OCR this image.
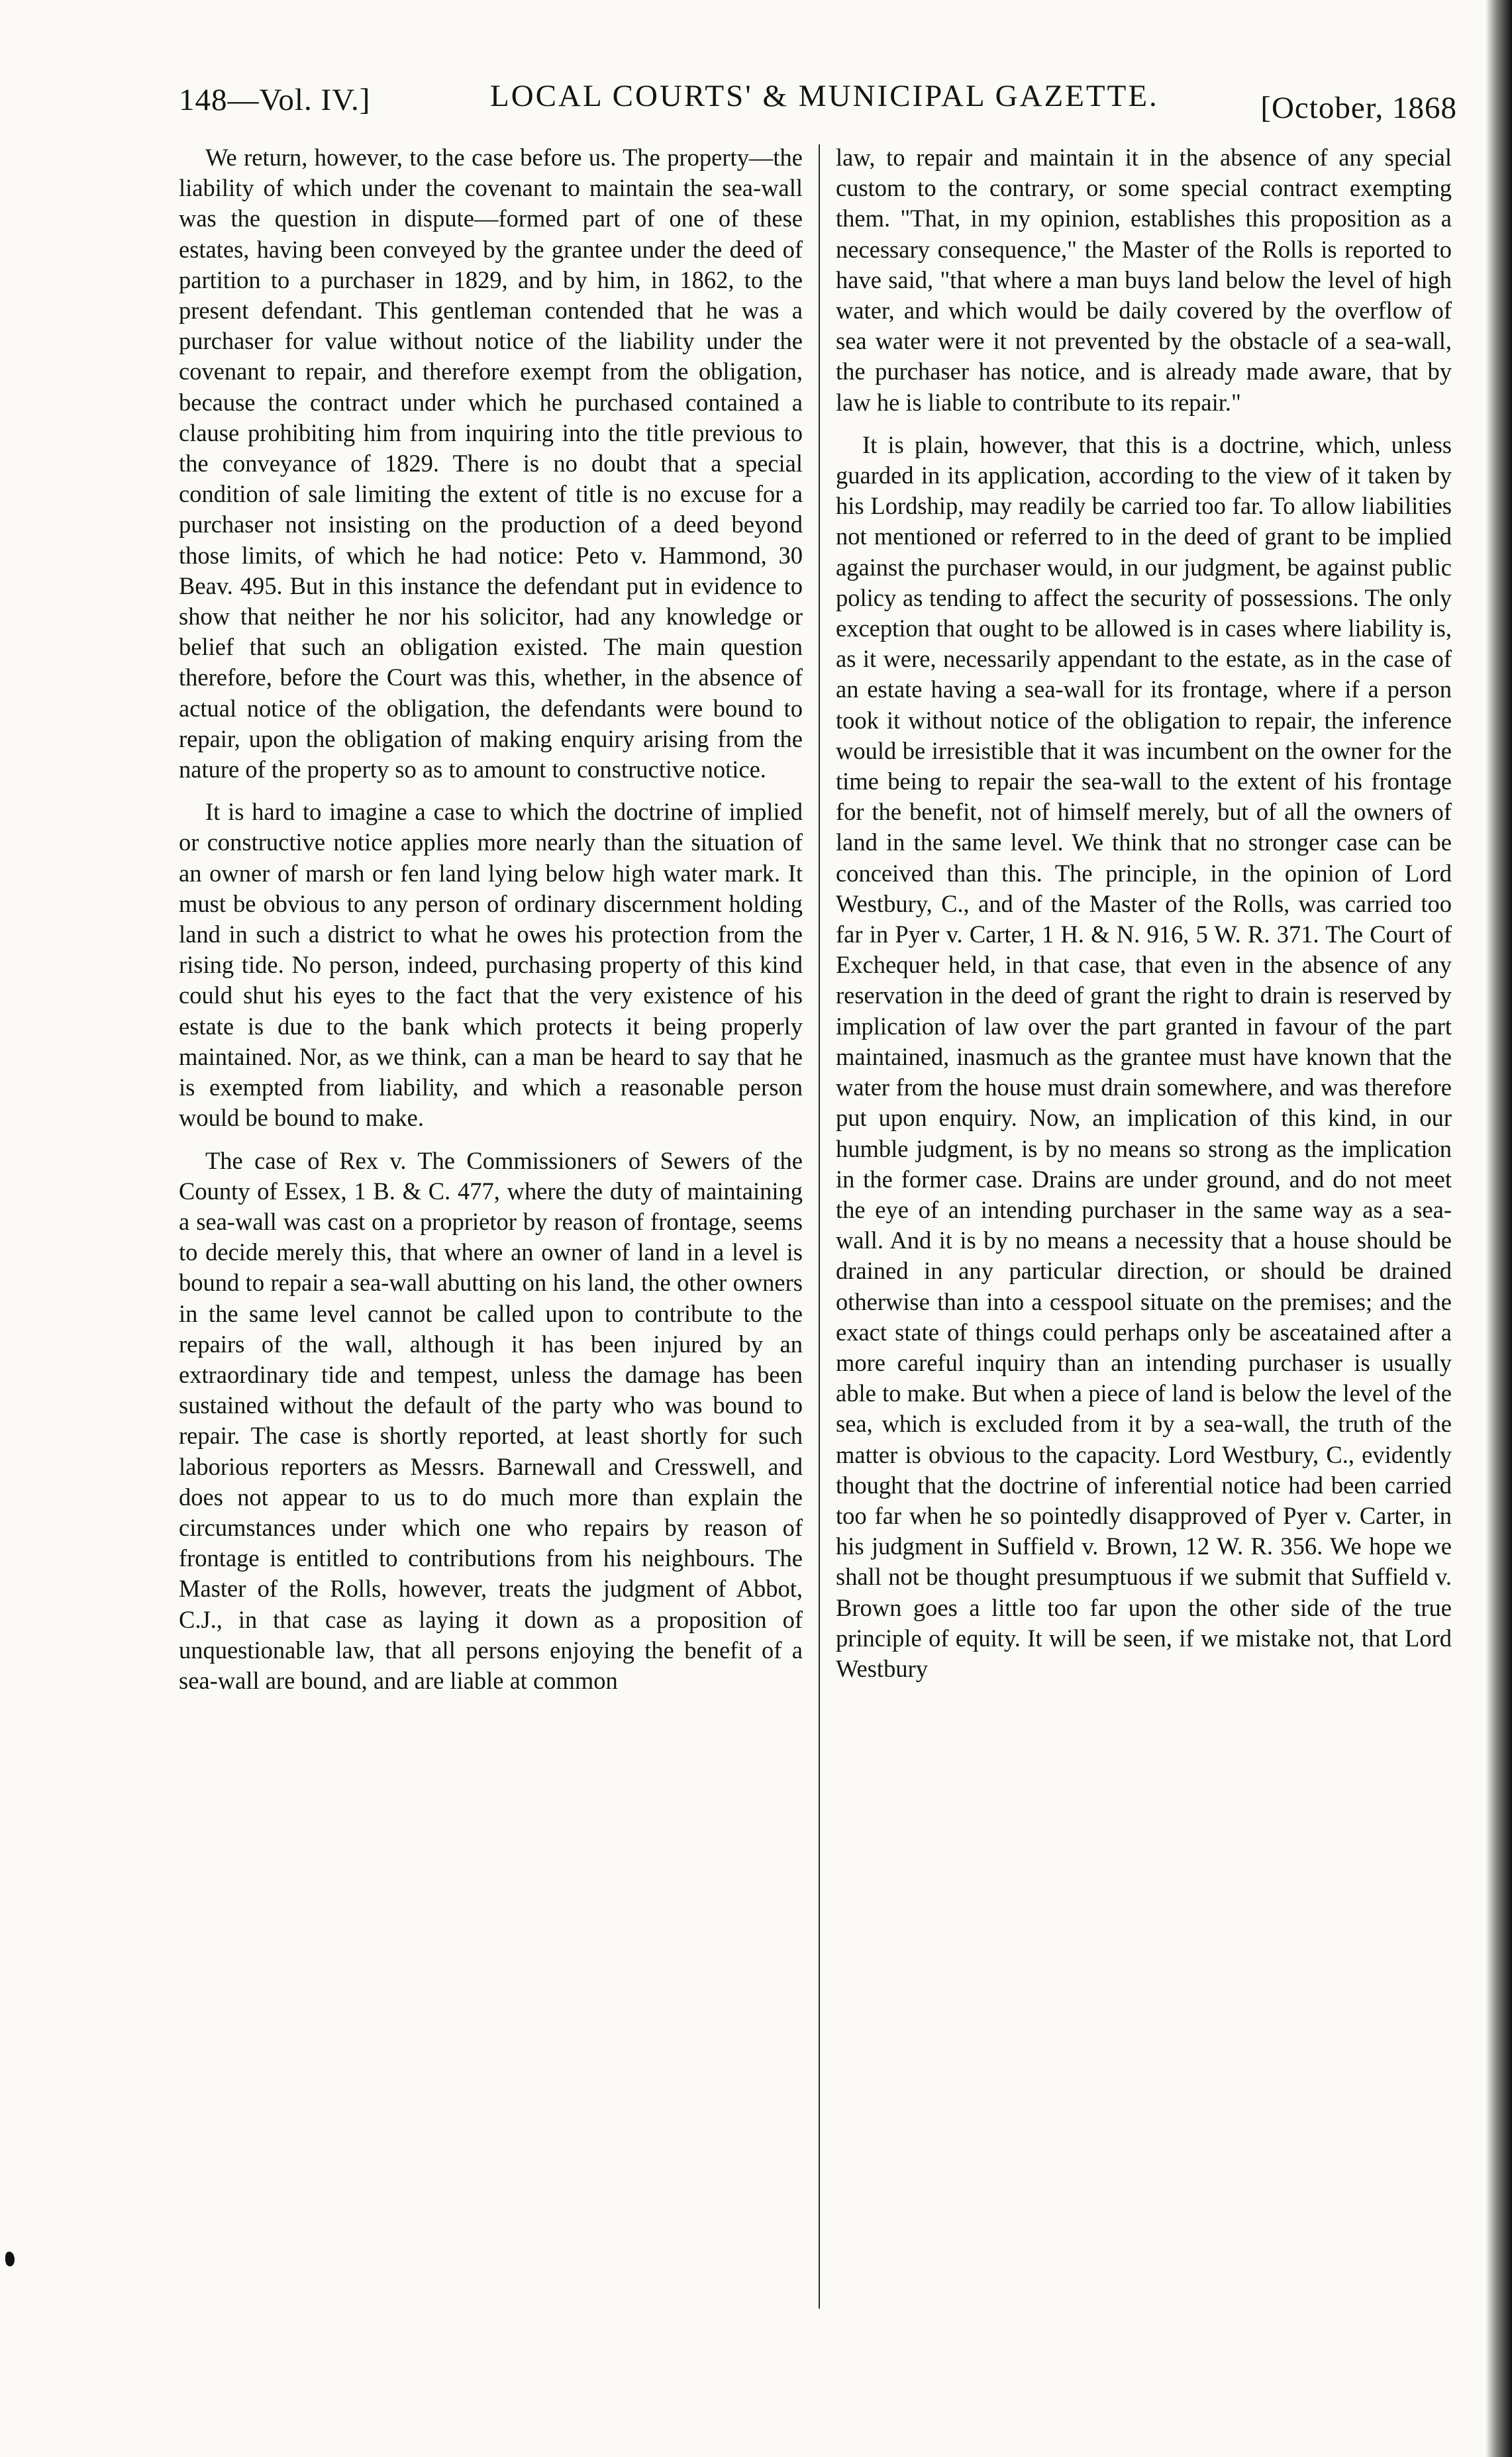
148—Vol. IV.]	LOCAL COURTS' & MUNICIPAL GAZETTE.	[October, 1868

We return, however, to the case before us. The property—the liability of which under the covenant to maintain the sea-wall was the question in dispute—formed part of one of these estates, having been conveyed by the grantee under the deed of partition to a purchaser in 1829, and by him, in 1862, to the present defendant. This gentleman contended that he was a purchaser for value without notice of the liability under the covenant to repair, and therefore exempt from the obligation, because the contract under which he purchased contained a clause prohibiting him from inquiring into the title previous to the conveyance of 1829. There is no doubt that a special condition of sale limiting the extent of title is no excuse for a purchaser not insisting on the production of a deed beyond those limits, of which he had notice: Peto v. Hammond, 30 Beav. 495. But in this instance the defendant put in evidence to show that neither he nor his solicitor, had any knowledge or belief that such an obligation existed. The main question therefore, before the Court was this, whether, in the absence of actual notice of the obligation, the defendants were bound to repair, upon the obligation of making enquiry arising from the nature of the property so as to amount to constructive notice.

It is hard to imagine a case to which the doctrine of implied or constructive notice applies more nearly than the situation of an owner of marsh or fen land lying below high water mark. It must be obvious to any person of ordinary discernment holding land in such a district to what he owes his protection from the rising tide. No person, indeed, purchasing property of this kind could shut his eyes to the fact that the very existence of his estate is due to the bank which protects it being properly maintained. Nor, as we think, can a man be heard to say that he is exempted from liability, and which a reasonable person would be bound to make.

The case of Rex v. The Commissioners of Sewers of the County of Essex, 1 B. & C. 477, where the duty of maintaining a sea-wall was cast on a proprietor by reason of frontage, seems to decide merely this, that where an owner of land in a level is bound to repair a sea-wall abutting on his land, the other owners in the same level cannot be called upon to contribute to the repairs of the wall, although it has been injured by an extraordinary tide and tempest, unless the damage has been sustained without the default of the party who was bound to repair. The case is shortly reported, at least shortly for such laborious reporters as Messrs. Barnewall and Cresswell, and does not appear to us to do much more than explain the circumstances under which one who repairs by reason of frontage is entitled to contributions from his neighbours. The Master of the Rolls, however, treats the judgment of Abbot, C.J., in that case as laying it down as a proposition of unquestionable law, that all persons enjoying the benefit of a sea-wall are bound, and are liable at common

law, to repair and maintain it in the absence of any special custom to the contrary, or some special contract exempting them. "That, in my opinion, establishes this proposition as a necessary consequence," the Master of the Rolls is reported to have said, "that where a man buys land below the level of high water, and which would be daily covered by the overflow of sea water were it not prevented by the obstacle of a sea-wall, the purchaser has notice, and is already made aware, that by law he is liable to contribute to its repair."

It is plain, however, that this is a doctrine, which, unless guarded in its application, according to the view of it taken by his Lordship, may readily be carried too far. To allow liabilities not mentioned or referred to in the deed of grant to be implied against the purchaser would, in our judgment, be against public policy as tending to affect the security of possessions. The only exception that ought to be allowed is in cases where liability is, as it were, necessarily appendant to the estate, as in the case of an estate having a sea-wall for its frontage, where if a person took it without notice of the obligation to repair, the inference would be irresistible that it was incumbent on the owner for the time being to repair the sea-wall to the extent of his frontage for the benefit, not of himself merely, but of all the owners of land in the same level. We think that no stronger case can be conceived than this. The principle, in the opinion of Lord Westbury, C., and of the Master of the Rolls, was carried too far in Pyer v. Carter, 1 H. & N. 916, 5 W. R. 371. The Court of Exchequer held, in that case, that even in the absence of any reservation in the deed of grant the right to drain is reserved by implication of law over the part granted in favour of the part maintained, inasmuch as the grantee must have known that the water from the house must drain somewhere, and was therefore put upon enquiry. Now, an implication of this kind, in our humble judgment, is by no means so strong as the implication in the former case. Drains are under ground, and do not meet the eye of an intending purchaser in the same way as a sea-wall. And it is by no means a necessity that a house should be drained in any particular direction, or should be drained otherwise than into a cesspool situate on the premises; and the exact state of things could perhaps only be asceatained after a more careful inquiry than an intending purchaser is usually able to make. But when a piece of land is below the level of the sea, which is excluded from it by a sea-wall, the truth of the matter is obvious to the capacity. Lord Westbury, C., evidently thought that the doctrine of inferential notice had been carried too far when he so pointedly disapproved of Pyer v. Carter, in his judgment in Suffield v. Brown, 12 W. R. 356. We hope we shall not be thought presumptuous if we submit that Suffield v. Brown goes a little too far upon the other side of the true principle of equity. It will be seen, if we mistake not, that Lord Westbury
